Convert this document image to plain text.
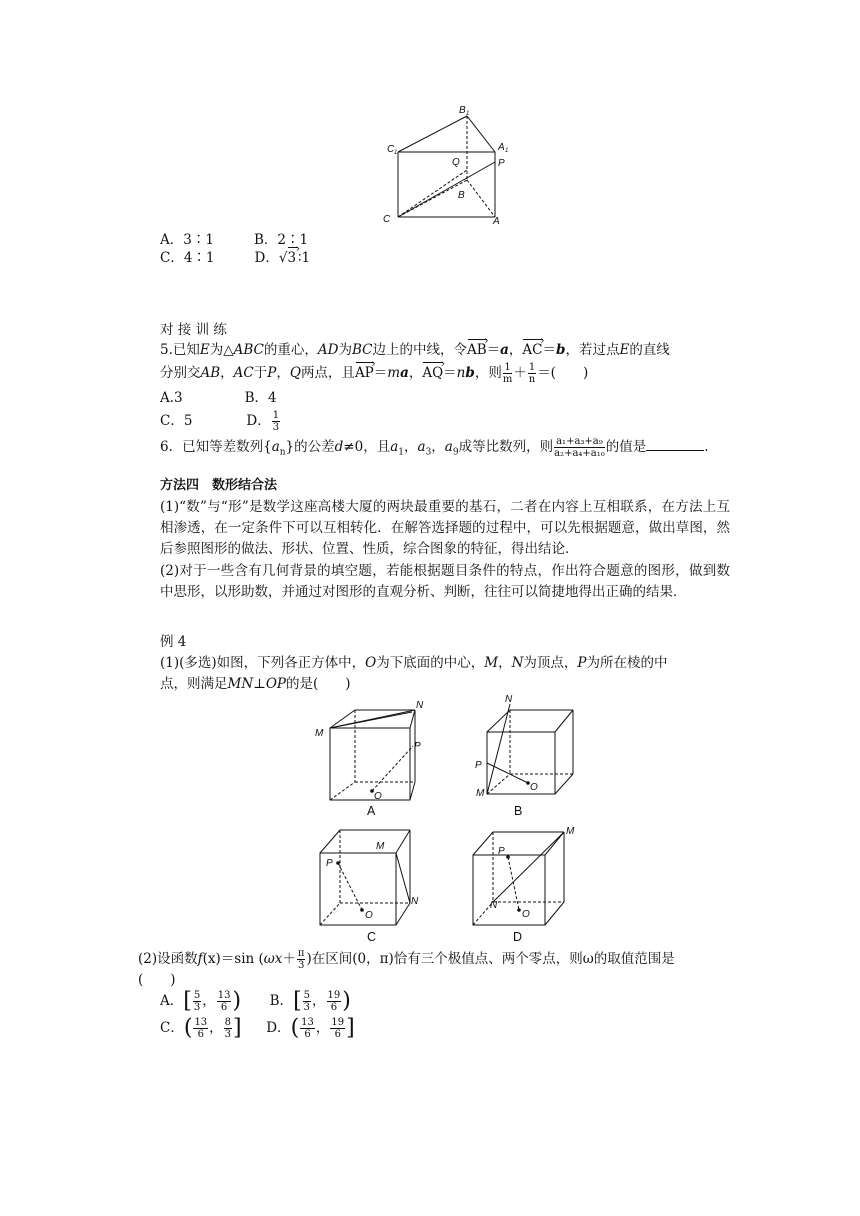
B 1
C 1	A 1
P
Q
C
B
A
A．3∶1	B．2∶1
C．4∶1	D．√3 › ∶1
对 接 训 练
5.已知E为△ABC的重心，AD为BC边上的中线，令AB ›＝a，AC ›＝b，若过点E的直线
分别交AB，AC于P，Q两点，且AP ›＝ma，AQ ›＝nb，则 $\frac{1}{m} + \frac{1}{n}$ ＝(　　)
A.3	B．4
C．5	D． $\frac{1}{3}$
6．已知等差数列$\{a_n\}$的公差d≠0，且$a_1$，$a_3$，$a_9$成等比数列，则 $\frac{\text{a₁+a₃+a₉}}{\text{a₂+a₄+a₁₀}}$ 的值是	.
方法四　数形结合法
(1)“数”与“形”是数学这座高楼大厦的两块最重要的基石，二者在内容上互相联系，在方法上互相渗透，在一定条件下可以互相转化．在解答选择题的过程中，可以先根据题意，做出草图，然后参照图形的做法、形状、位置、性质，综合图象的特征，得出结论．
(2)对于一些含有几何背景的填空题，若能根据题目条件的特点，作出符合题意的图形，做到数中思形，以形助数，并通过对图形的直观分析、判断，往往可以简捷地得出正确的结果．
例 4
(1)(多选)如图，下列各正方体中，O为下底面的中心，M，N为顶点，P为所在棱的中
点，则满足MN⊥OP的是(　　)
M
N
P
O
A
N
P
M
O
B
M
P
N
O
C
M
P
N
O
D
(2)设函数f(x)＝sin ($\omega x+ \frac{\pi}{3}$ )在区间(0，π)恰有三个极值点、两个零点，则ω的取值范围是
(　　)
A．[ $\frac{5}{3}$ ， $\frac{13}{6}$ ) B．[ $\frac{5}{3}$ ， $\frac{19}{6}$ )
C．( $\frac{13}{6}$ ， $\frac{8}{3}$ ] D．( $\frac{13}{6}$ ， $\frac{19}{6}$ ]
